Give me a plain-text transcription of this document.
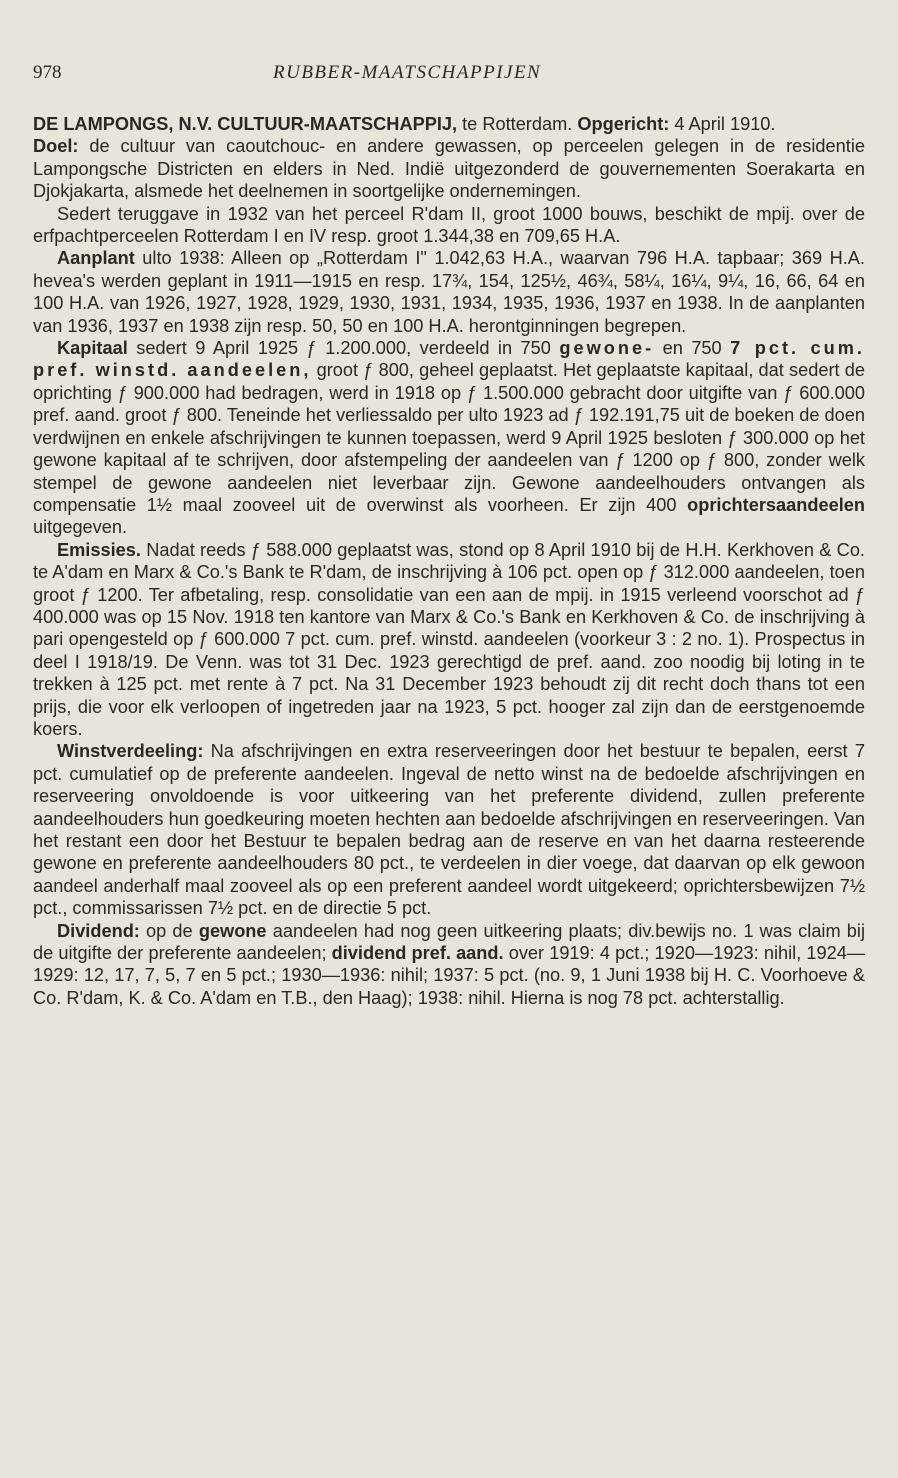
978	RUBBER-MAATSCHAPPIJEN

DE LAMPONGS, N.V. CULTUUR-MAATSCHAPPIJ, te Rotterdam. Opgericht: 4 April 1910.

Doel: de cultuur van caoutchouc- en andere gewassen, op perceelen gelegen in de residentie Lampongsche Districten en elders in Ned. Indië uitgezonderd de gouvernementen Soerakarta en Djokjakarta, alsmede het deelnemen in soortgelijke ondernemingen.

Sedert teruggave in 1932 van het perceel R'dam II, groot 1000 bouws, beschikt de mpij. over de erfpachtperceelen Rotterdam I en IV resp. groot 1.344,38 en 709,65 H.A.

Aanplant ulto 1938: Alleen op „Rotterdam I" 1.042,63 H.A., waarvan 796 H.A. tapbaar; 369 H.A. hevea's werden geplant in 1911—1915 en resp. 17¾, 154, 125½, 46¾, 58¼, 16¼, 9¼, 16, 66, 64 en 100 H.A. van 1926, 1927, 1928, 1929, 1930, 1931, 1934, 1935, 1936, 1937 en 1938. In de aanplanten van 1936, 1937 en 1938 zijn resp. 50, 50 en 100 H.A. herontginningen begrepen.

Kapitaal sedert 9 April 1925 ƒ 1.200.000, verdeeld in 750 gewone- en 750 7 pct. cum. pref. winstd. aandeelen, groot ƒ 800, geheel geplaatst. Het geplaatste kapitaal, dat sedert de oprichting ƒ 900.000 had bedragen, werd in 1918 op ƒ 1.500.000 gebracht door uitgifte van ƒ 600.000 pref. aand. groot ƒ 800. Teneinde het verliessaldo per ulto 1923 ad ƒ 192.191,75 uit de boeken de doen verdwijnen en enkele afschrijvingen te kunnen toepassen, werd 9 April 1925 besloten ƒ 300.000 op het gewone kapitaal af te schrijven, door afstempeling der aandeelen van ƒ 1200 op ƒ 800, zonder welk stempel de gewone aandeelen niet leverbaar zijn. Gewone aandeelhouders ontvangen als compensatie 1½ maal zooveel uit de overwinst als voorheen. Er zijn 400 oprichtersaandeelen uitgegeven.

Emissies. Nadat reeds ƒ 588.000 geplaatst was, stond op 8 April 1910 bij de H.H. Kerkhoven & Co. te A'dam en Marx & Co.'s Bank te R'dam, de inschrijving à 106 pct. open op ƒ 312.000 aandeelen, toen groot ƒ 1200. Ter afbetaling, resp. consolidatie van een aan de mpij. in 1915 verleend voorschot ad ƒ 400.000 was op 15 Nov. 1918 ten kantore van Marx & Co.'s Bank en Kerkhoven & Co. de inschrijving à pari opengesteld op ƒ 600.000 7 pct. cum. pref. winstd. aandeelen (voorkeur 3 : 2 no. 1). Prospectus in deel I 1918/19. De Venn. was tot 31 Dec. 1923 gerechtigd de pref. aand. zoo noodig bij loting in te trekken à 125 pct. met rente à 7 pct. Na 31 December 1923 behoudt zij dit recht doch thans tot een prijs, die voor elk verloopen of ingetreden jaar na 1923, 5 pct. hooger zal zijn dan de eerstgenoemde koers.

Winstverdeeling: Na afschrijvingen en extra reserveeringen door het bestuur te bepalen, eerst 7 pct. cumulatief op de preferente aandeelen. Ingeval de netto winst na de bedoelde afschrijvingen en reserveering onvoldoende is voor uitkeering van het preferente dividend, zullen preferente aandeelhouders hun goedkeuring moeten hechten aan bedoelde afschrijvingen en reserveeringen. Van het restant een door het Bestuur te bepalen bedrag aan de reserve en van het daarna resteerende gewone en preferente aandeelhouders 80 pct., te verdeelen in dier voege, dat daarvan op elk gewoon aandeel anderhalf maal zooveel als op een preferent aandeel wordt uitgekeerd; oprichtersbewijzen 7½ pct., commissarissen 7½ pct. en de directie 5 pct.

Dividend: op de gewone aandeelen had nog geen uitkeering plaats; div.bewijs no. 1 was claim bij de uitgifte der preferente aandeelen; dividend pref. aand. over 1919: 4 pct.; 1920—1923: nihil, 1924—1929: 12, 17, 7, 5, 7 en 5 pct.; 1930—1936: nihil; 1937: 5 pct. (no. 9, 1 Juni 1938 bij H. C. Voorhoeve & Co. R'dam, K. & Co. A'dam en T.B., den Haag); 1938: nihil. Hierna is nog 78 pct. achterstallig.
